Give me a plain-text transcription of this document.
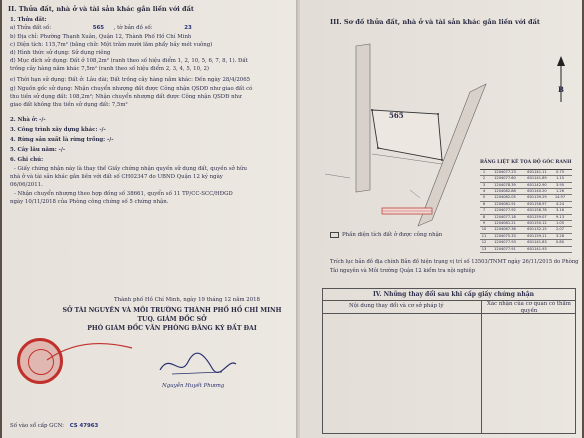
II. Thửa đất, nhà ở và tài sản khác gắn liền với đất
1. Thửa đất:
a) Thửa đất số:	565 , tờ bản đồ số:	23
b) Địa chỉ: Phường Thạnh Xuân, Quận 12, Thành Phố Hồ Chí Minh
c) Diện tích: 115,7m² (bằng chữ: Một trăm mười lăm phẩy bảy mét vuông)
d) Hình thức sử dụng: Sử dụng riêng
đ) Mục đích sử dụng: Đất ở 108,2m² (ranh theo số hiệu điểm 1, 2, 10, 5, 6, 7, 8, 1). Đất
trồng cây hàng năm khác 7,5m² (ranh theo số hiệu điểm 2, 3, 4, 5, 10, 2)
e) Thời hạn sử dụng: Đất ở: Lâu dài; Đất trồng cây hàng năm khác: Đến ngày 28/4/2065
g) Nguồn gốc sử dụng: Nhận chuyển nhượng đất được Công nhận QSDĐ như giao đất có
thu tiền sử dụng đất: 108,2m²; Nhận chuyển nhượng đất được Công nhận QSDĐ như
giao đất không thu tiền sử dụng đất: 7,5m²
2. Nhà ở: -/-
3. Công trình xây dựng khác: -/-
4. Rừng sản xuất là rừng trồng: -/-
5. Cây lâu năm: -/-
6. Ghi chú:
- Giấy chứng nhận này là thay thế Giấy chứng nhận quyền sử dụng đất, quyền sở hữu
nhà ở và tài sản khác gắn liền với đất số CH02347 do UBND Quận 12 ký ngày
06/06/2011.
- Nhận chuyển nhượng theo hợp đồng số 38661, quyển số 11 TP/CC-SCC/HĐGD
ngày 10/11/2018 của Phòng công chứng số 5 chứng nhận.
Thành phố Hồ Chí Minh, ngày 19 tháng 12 năm 2018
SỞ TÀI NGUYÊN VÀ MÔI TRƯỜNG THÀNH PHỐ HỒ CHÍ MINH
TUQ. GIÁM ĐỐC SỞ
PHÓ GIÁM ĐỐC VĂN PHÒNG ĐĂNG KÝ ĐẤT ĐAI
Nguyễn Huyết Phương
Số vào sổ cấp GCN: CS 47963
III. Sơ đồ thửa đất, nhà ở và tài sản khác gắn liền với đất
565
B
BẢNG LIỆT KÊ TỌA ĐỘ GÓC RANH
1	1204077.23	601141.11	0.75
2	1204077.60	601141.89	1.15
3	1204078.39	601142.90	3.95
4	1204082.88	601140.20	1.26
5	1204082.05	601139.29	14.97
6	1204081.91	601158.97	4.24
7	1204077.92	601158.78	3.16
8	1204077.18	601159.07	9.13
9	1204081.21	601150.12	1.05
10	1204067.36	601132.15	2.07
11	1204075.33	601159.11	3.28
12	1204077.93	601141.83	0.80
13	1204077.91	601141.93
Phần diện tích đất ở được công nhận
Trích lục bản đồ địa chính Bản đồ hiện trạng vị trí số 13503/TNMT ngày 26/11/2015 do Phòng
Tài nguyên và Môi trường Quận 12 kiểm tra nội nghiệp
IV. Những thay đổi sau khi cấp giấy chứng nhận
Nội dung thay đổi và cơ sở pháp lý	Xác nhận của cơ quan có thẩm quyền
